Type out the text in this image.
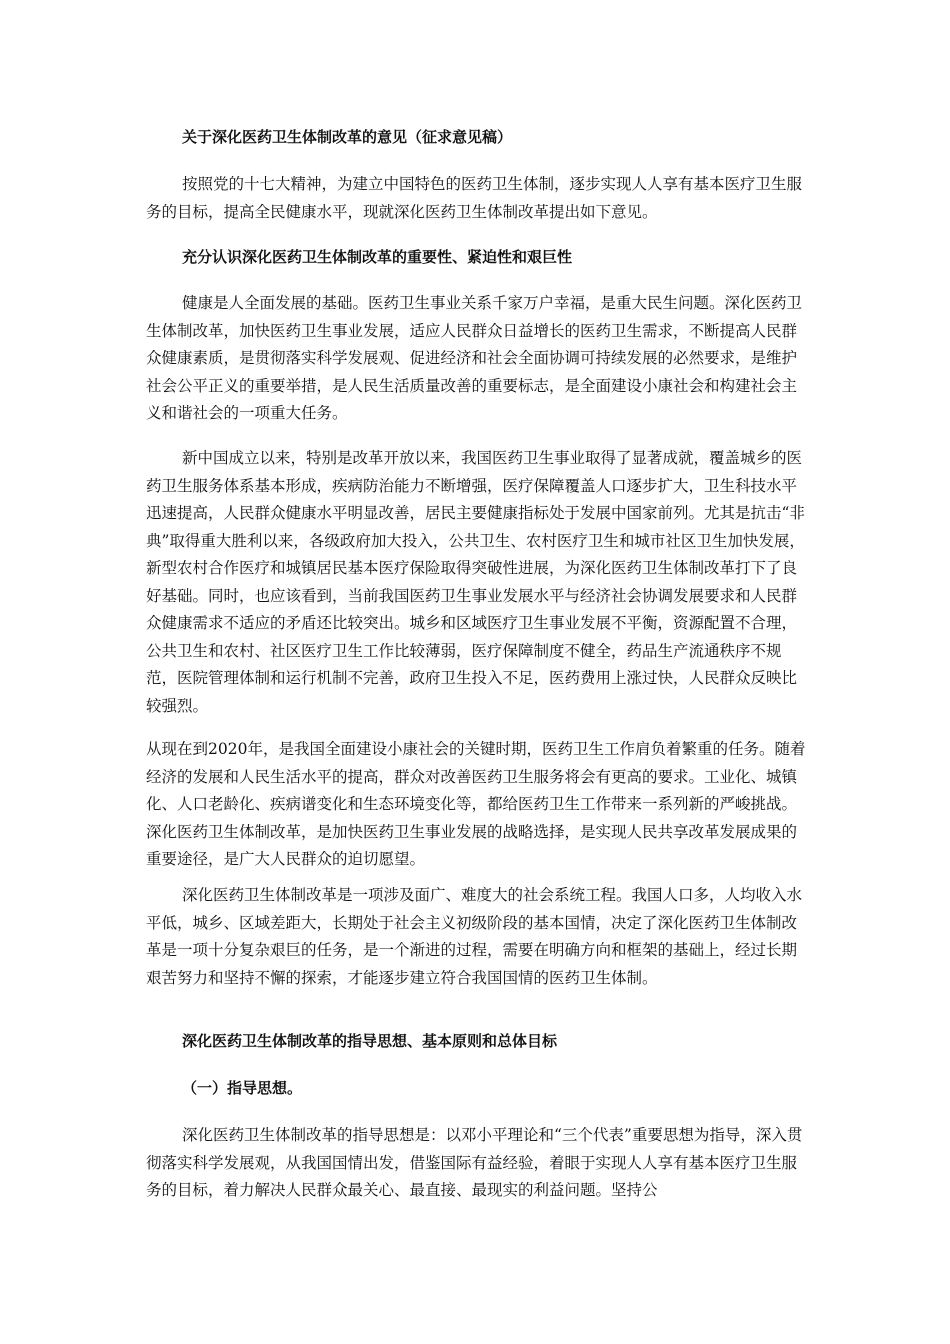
关于深化医药卫生体制改革的意见（征求意见稿）

按照党的十七大精神，为建立中国特色的医药卫生体制，逐步实现人人享有基本医疗卫生服务的目标，提高全民健康水平，现就深化医药卫生体制改革提出如下意见。

充分认识深化医药卫生体制改革的重要性、紧迫性和艰巨性

健康是人全面发展的基础。医药卫生事业关系千家万户幸福，是重大民生问题。深化医药卫生体制改革，加快医药卫生事业发展，适应人民群众日益增长的医药卫生需求，不断提高人民群众健康素质，是贯彻落实科学发展观、促进经济和社会全面协调可持续发展的必然要求，是维护社会公平正义的重要举措，是人民生活质量改善的重要标志，是全面建设小康社会和构建社会主义和谐社会的一项重大任务。

新中国成立以来，特别是改革开放以来，我国医药卫生事业取得了显著成就，覆盖城乡的医药卫生服务体系基本形成，疾病防治能力不断增强，医疗保障覆盖人口逐步扩大，卫生科技水平迅速提高，人民群众健康水平明显改善，居民主要健康指标处于发展中国家前列。尤其是抗击“非典”取得重大胜利以来，各级政府加大投入，公共卫生、农村医疗卫生和城市社区卫生加快发展，新型农村合作医疗和城镇居民基本医疗保险取得突破性进展，为深化医药卫生体制改革打下了良好基础。同时，也应该看到，当前我国医药卫生事业发展水平与经济社会协调发展要求和人民群众健康需求不适应的矛盾还比较突出。城乡和区域医疗卫生事业发展不平衡，资源配置不合理，公共卫生和农村、社区医疗卫生工作比较薄弱，医疗保障制度不健全，药品生产流通秩序不规范，医院管理体制和运行机制不完善，政府卫生投入不足，医药费用上涨过快，人民群众反映比较强烈。

从现在到2020年，是我国全面建设小康社会的关键时期，医药卫生工作肩负着繁重的任务。随着经济的发展和人民生活水平的提高，群众对改善医药卫生服务将会有更高的要求。工业化、城镇化、人口老龄化、疾病谱变化和生态环境变化等，都给医药卫生工作带来一系列新的严峻挑战。深化医药卫生体制改革，是加快医药卫生事业发展的战略选择，是实现人民共享改革发展成果的重要途径，是广大人民群众的迫切愿望。

深化医药卫生体制改革是一项涉及面广、难度大的社会系统工程。我国人口多，人均收入水平低，城乡、区域差距大，长期处于社会主义初级阶段的基本国情，决定了深化医药卫生体制改革是一项十分复杂艰巨的任务，是一个渐进的过程，需要在明确方向和框架的基础上，经过长期艰苦努力和坚持不懈的探索，才能逐步建立符合我国国情的医药卫生体制。

深化医药卫生体制改革的指导思想、基本原则和总体目标

（一）指导思想。

深化医药卫生体制改革的指导思想是：以邓小平理论和“三个代表”重要思想为指导，深入贯彻落实科学发展观，从我国国情出发，借鉴国际有益经验，着眼于实现人人享有基本医疗卫生服务的目标，着力解决人民群众最关心、最直接、最现实的利益问题。坚持公
